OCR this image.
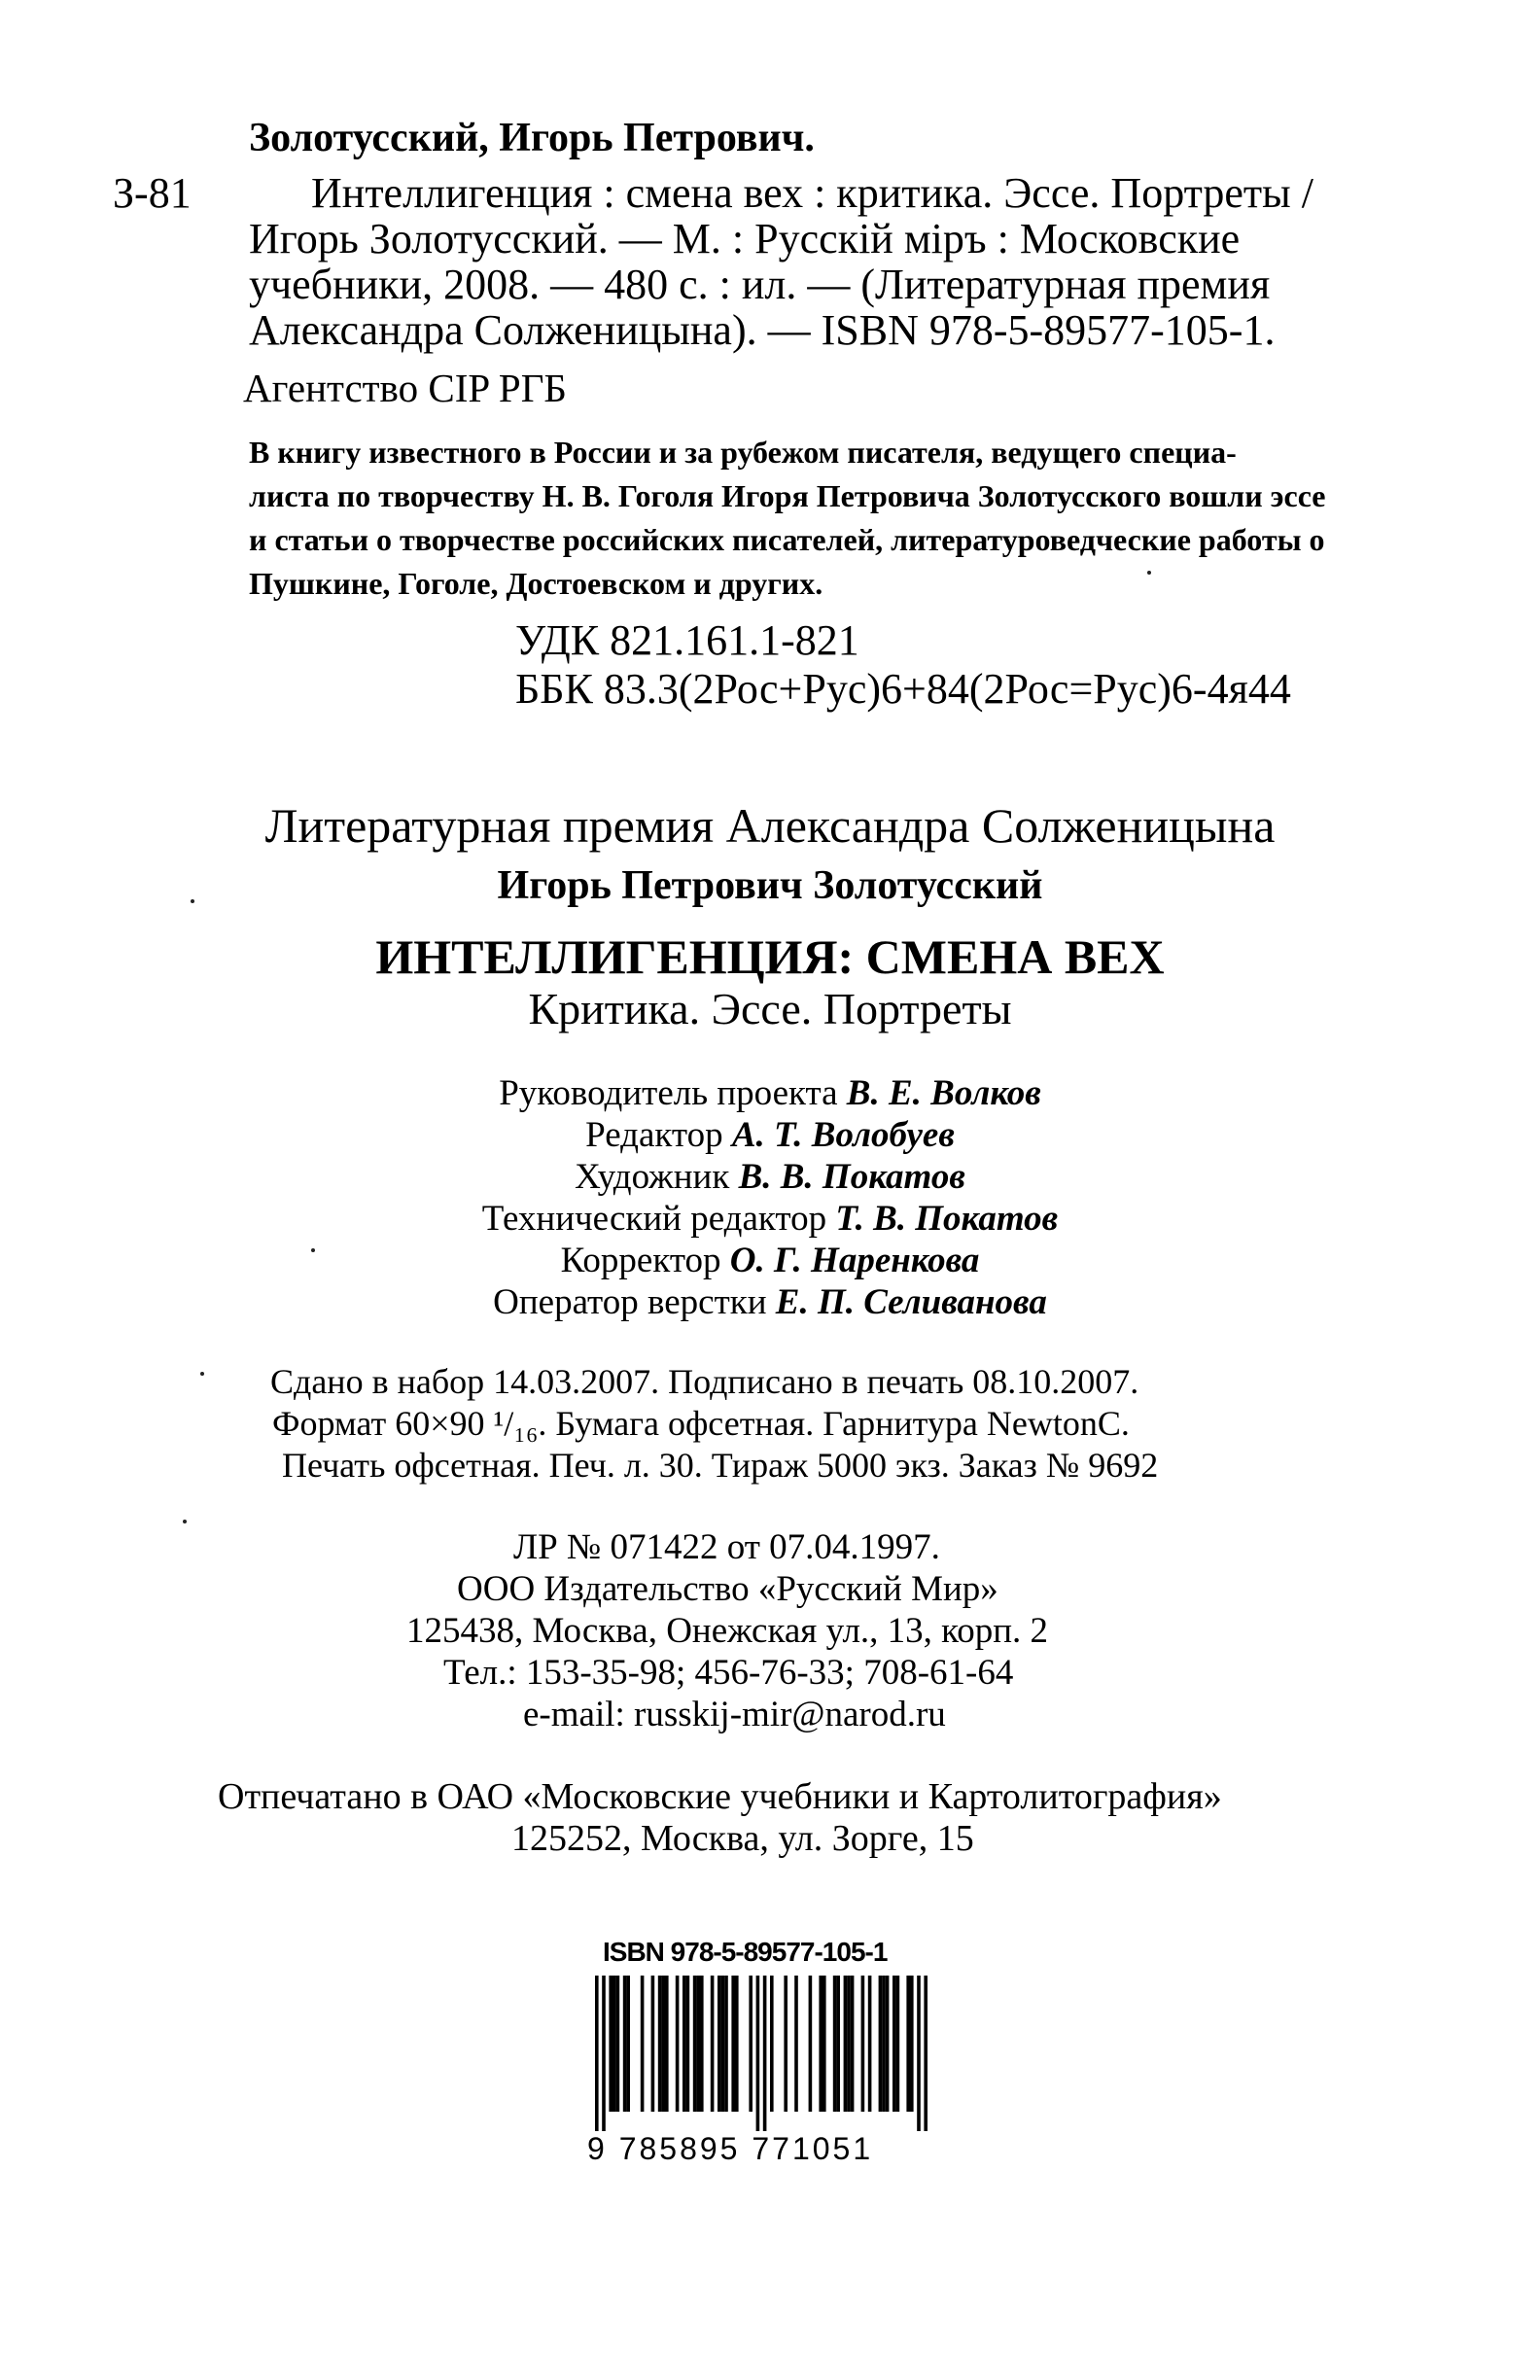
Золотусский, Игорь Петрович.
З-81	Интеллигенция : смена вех : критика. Эссе. Портреты /
Игорь Золотусский. — М. : Русскiй мiръ : Московские
учебники, 2008. — 480 с. : ил. — (Литературная премия
Александра Солженицына). — ISBN 978-5-89577-105-1.
Агентство CIP РГБ
В книгу известного в России и за рубежом писателя, ведущего специа-
листа по творчеству Н. В. Гоголя Игоря Петровича Золотусского вошли эссе
и статьи о творчестве российских писателей, литературоведческие работы о
Пушкине, Гоголе, Достоевском и других.
УДК 821.161.1-821
ББК 83.3(2Рос+Рус)6+84(2Рос=Рус)6-4я44
Литературная премия Александра Солженицына
Игорь Петрович Золотусский
ИНТЕЛЛИГЕНЦИЯ: СМЕНА ВЕХ
Критика. Эссе. Портреты
Руководитель проекта В. Е. Волков
Редактор А. Т. Волобуев
Художник В. В. Покатов
Технический редактор Т. В. Покатов
Корректор О. Г. Наренкова
Оператор верстки Е. П. Селиванова
Сдано в набор 14.03.2007. Подписано в печать 08.10.2007.
Формат 60×90 ¹/₁₆. Бумага офсетная. Гарнитура NewtonC.
Печать офсетная. Печ. л. 30. Тираж 5000 экз. Заказ № 9692
ЛР № 071422 от 07.04.1997.
ООО Издательство «Русский Мир»
125438, Москва, Онежская ул., 13, корп. 2
Тел.: 153-35-98; 456-76-33; 708-61-64
e-mail: russkij-mir@narod.ru
Отпечатано в ОАО «Московские учебники и Картолитография»
125252, Москва, ул. Зорге, 15
ISBN 978-5-89577-105-1
9 785895 771051
